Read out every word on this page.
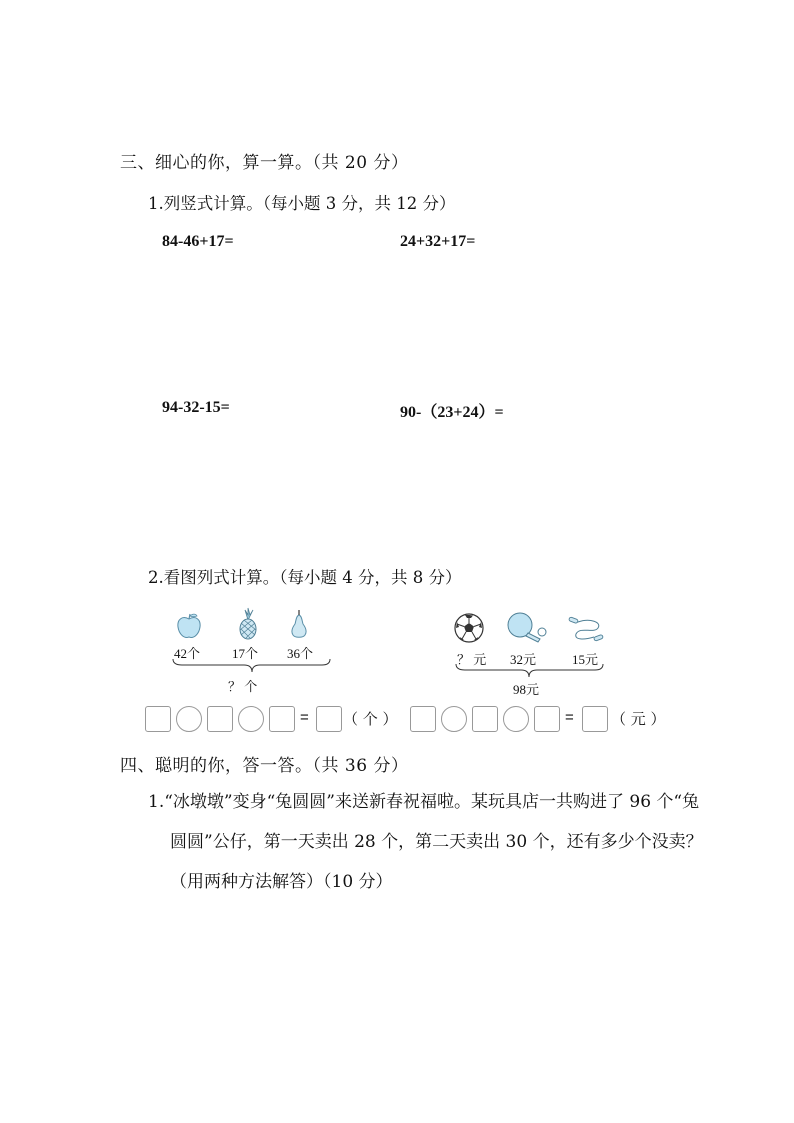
三、细心的你，算一算。（共 20 分）
1.列竖式计算。（每小题 3 分，共 12 分）
84-46+17=	24+32+17=
94-32-15=	90-（23+24）=
2.看图列式计算。（每小题 4 分，共 8 分）
42个 17个 36个
？ 个
= （ 个 ）
？ 元 32元	15元
98元
= （ 元 ）
四、聪明的你，答一答。（共 36 分）
1.“冰墩墩”变身“兔圆圆”来送新春祝福啦。某玩具店一共购进了 96 个“兔圆圆”公仔，第一天卖出 28 个，第二天卖出 30 个，还有多少个没卖？（用两种方法解答）（10 分）
